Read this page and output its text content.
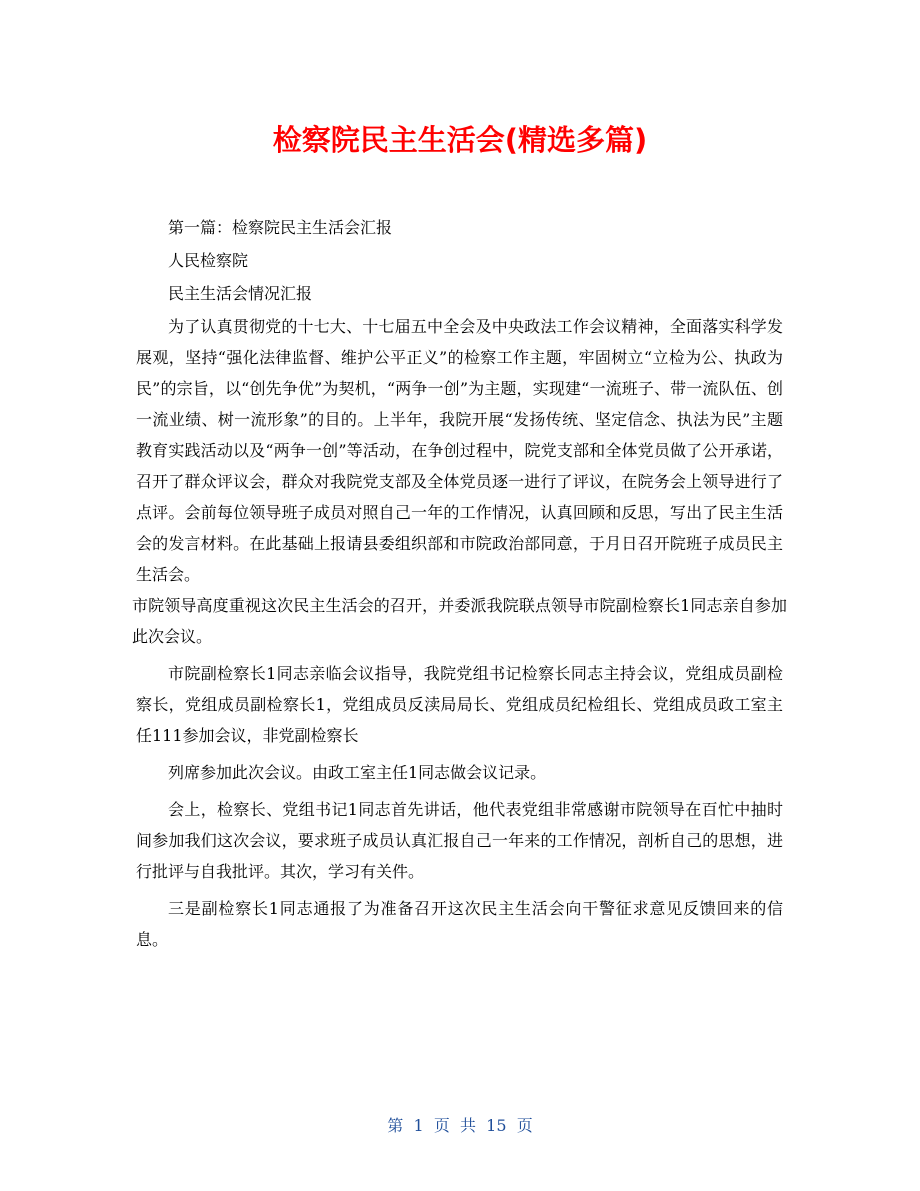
检察院民主生活会(精选多篇)

第一篇：检察院民主生活会汇报

人民检察院

民主生活会情况汇报

为了认真贯彻党的十七大、十七届五中全会及中央政法工作会议精神，全面落实科学发展观，坚持“强化法律监督、维护公平正义”的检察工作主题，牢固树立“立检为公、执政为民”的宗旨，以“创先争优”为契机，“两争一创”为主题，实现建“一流班子、带一流队伍、创一流业绩、树一流形象”的目的。上半年，我院开展“发扬传统、坚定信念、执法为民”主题教育实践活动以及“两争一创”等活动，在争创过程中，院党支部和全体党员做了公开承诺，召开了群众评议会，群众对我院党支部及全体党员逐一进行了评议，在院务会上领导进行了点评。会前每位领导班子成员对照自己一年的工作情况，认真回顾和反思，写出了民主生活会的发言材料。在此基础上报请县委组织部和市院政治部同意，于月日召开院班子成员民主生活会。

市院领导高度重视这次民主生活会的召开，并委派我院联点领导市院副检察长1同志亲自参加此次会议。

市院副检察长1同志亲临会议指导，我院党组书记检察长同志主持会议，党组成员副检察长，党组成员副检察长1，党组成员反渎局局长、党组成员纪检组长、党组成员政工室主任111参加会议，非党副检察长

列席参加此次会议。由政工室主任1同志做会议记录。

会上，检察长、党组书记1同志首先讲话，他代表党组非常感谢市院领导在百忙中抽时间参加我们这次会议，要求班子成员认真汇报自己一年来的工作情况，剖析自己的思想，进行批评与自我批评。其次，学习有关件。

三是副检察长1同志通报了为准备召开这次民主生活会向干警征求意见反馈回来的信息。

第  1  页  共  15  页
